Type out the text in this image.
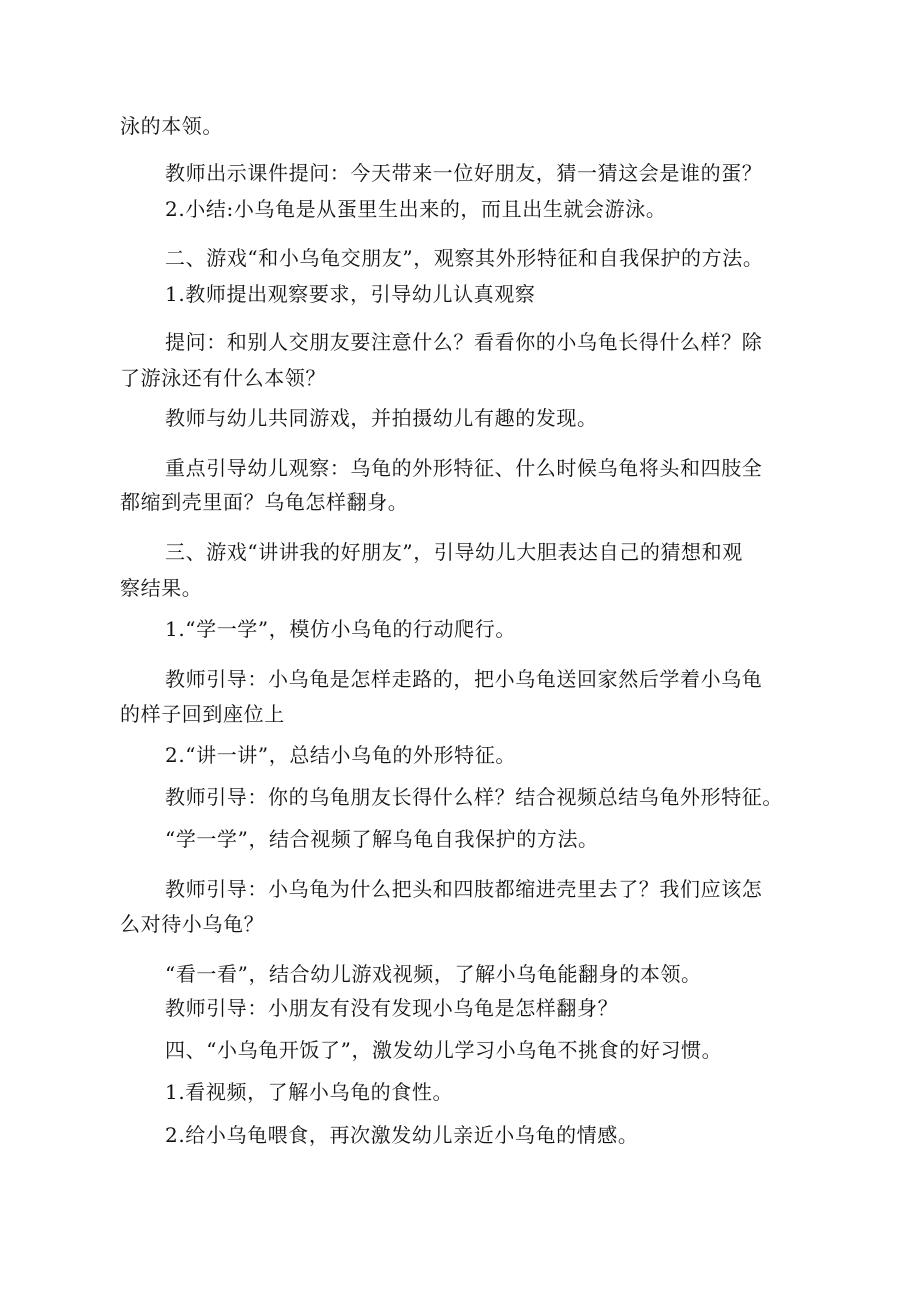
泳的本领。
教师出示课件提问：今天带来一位好朋友，猜一猜这会是谁的蛋？
2.小结:小乌龟是从蛋里生出来的，而且出生就会游泳。
二、游戏“和小乌龟交朋友”，观察其外形特征和自我保护的方法。
1.教师提出观察要求，引导幼儿认真观察
提问：和别人交朋友要注意什么？看看你的小乌龟长得什么样？除
了游泳还有什么本领？
教师与幼儿共同游戏，并拍摄幼儿有趣的发现。
重点引导幼儿观察：乌龟的外形特征、什么时候乌龟将头和四肢全
都缩到壳里面？乌龟怎样翻身。
三、游戏“讲讲我的好朋友”，引导幼儿大胆表达自己的猜想和观
察结果。
1.“学一学”，模仿小乌龟的行动爬行。
教师引导：小乌龟是怎样走路的，把小乌龟送回家然后学着小乌龟
的样子回到座位上
2.“讲一讲”，总结小乌龟的外形特征。
教师引导：你的乌龟朋友长得什么样？结合视频总结乌龟外形特征。
“学一学”，结合视频了解乌龟自我保护的方法。
教师引导：小乌龟为什么把头和四肢都缩进壳里去了？我们应该怎
么对待小乌龟？
“看一看”，结合幼儿游戏视频，了解小乌龟能翻身的本领。
教师引导：小朋友有没有发现小乌龟是怎样翻身？
四、“小乌龟开饭了”，激发幼儿学习小乌龟不挑食的好习惯。
1.看视频，了解小乌龟的食性。
2.给小乌龟喂食，再次激发幼儿亲近小乌龟的情感。
